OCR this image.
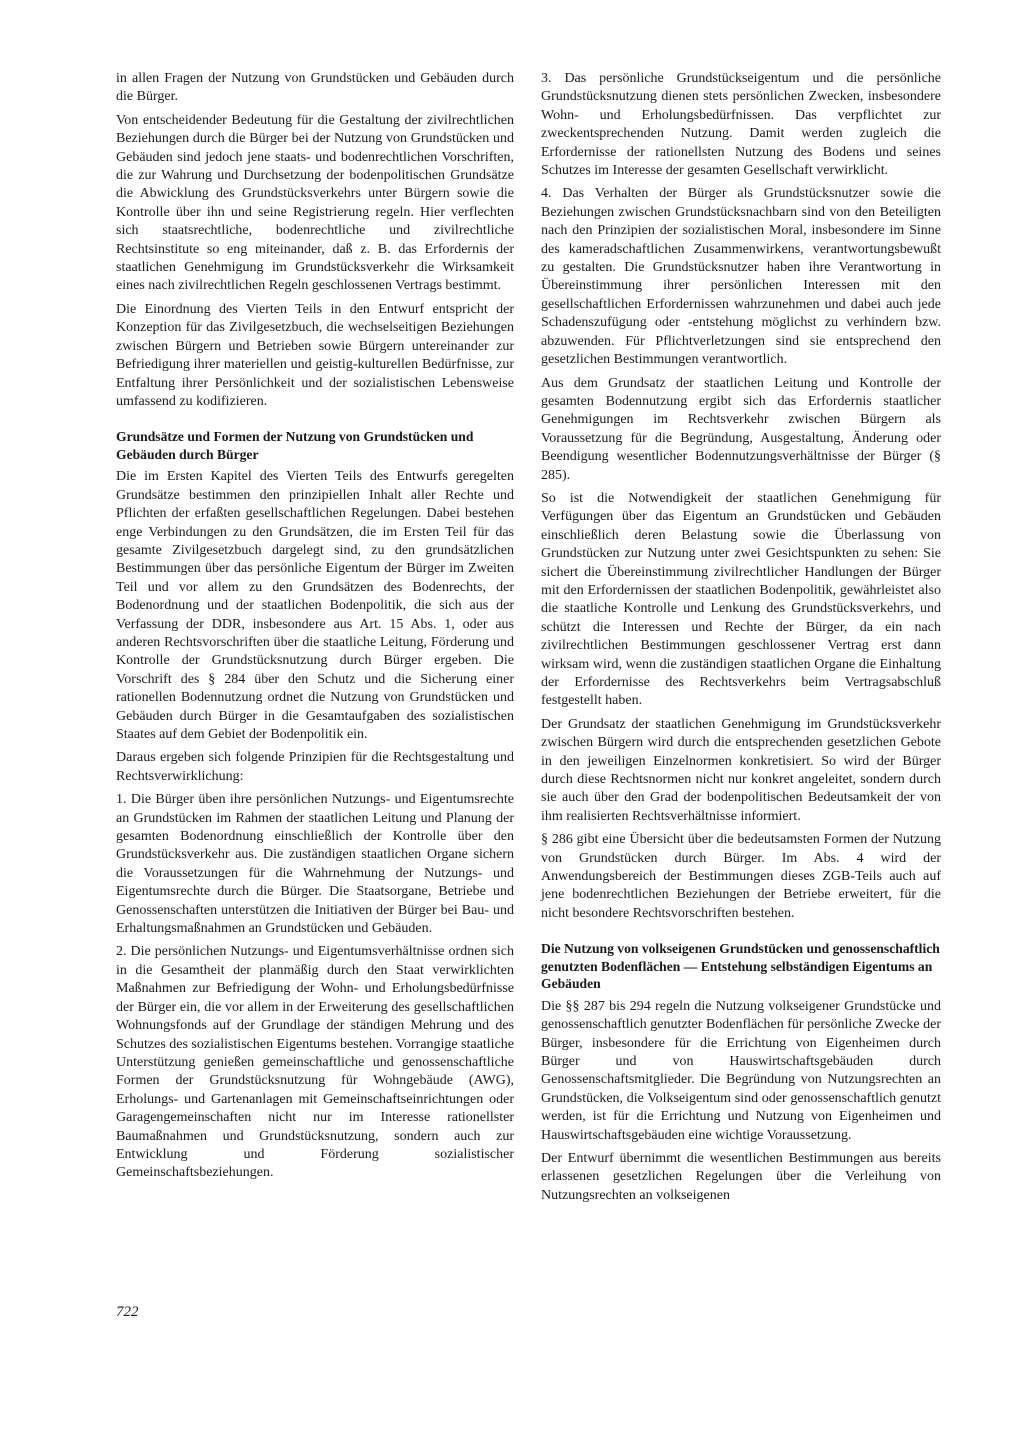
in allen Fragen der Nutzung von Grundstücken und Gebäuden durch die Bürger.

Von entscheidender Bedeutung für die Gestaltung der zivilrechtlichen Beziehungen durch die Bürger bei der Nutzung von Grundstücken und Gebäuden sind jedoch jene staats- und bodenrechtlichen Vorschriften, die zur Wahrung und Durchsetzung der bodenpolitischen Grundsätze die Abwicklung des Grundstücksverkehrs unter Bürgern sowie die Kontrolle über ihn und seine Registrierung regeln. Hier verflechten sich staatsrechtliche, bodenrechtliche und zivilrechtliche Rechtsinstitute so eng miteinander, daß z. B. das Erfordernis der staatlichen Genehmigung im Grundstücksverkehr die Wirksamkeit eines nach zivilrechtlichen Regeln geschlossenen Vertrags bestimmt.

Die Einordnung des Vierten Teils in den Entwurf entspricht der Konzeption für das Zivilgesetzbuch, die wechselseitigen Beziehungen zwischen Bürgern und Betrieben sowie Bürgern untereinander zur Befriedigung ihrer materiellen und geistig-kulturellen Bedürfnisse, zur Entfaltung ihrer Persönlichkeit und der sozialistischen Lebensweise umfassend zu kodifizieren.

Grundsätze und Formen der Nutzung von Grundstücken und Gebäuden durch Bürger

Die im Ersten Kapitel des Vierten Teils des Entwurfs geregelten Grundsätze bestimmen den prinzipiellen Inhalt aller Rechte und Pflichten der erfaßten gesellschaftlichen Regelungen. Dabei bestehen enge Verbindungen zu den Grundsätzen, die im Ersten Teil für das gesamte Zivilgesetzbuch dargelegt sind, zu den grundsätzlichen Bestimmungen über das persönliche Eigentum der Bürger im Zweiten Teil und vor allem zu den Grundsätzen des Bodenrechts, der Bodenordnung und der staatlichen Bodenpolitik, die sich aus der Verfassung der DDR, insbesondere aus Art. 15 Abs. 1, oder aus anderen Rechtsvorschriften über die staatliche Leitung, Förderung und Kontrolle der Grundstücksnutzung durch Bürger ergeben. Die Vorschrift des § 284 über den Schutz und die Sicherung einer rationellen Bodennutzung ordnet die Nutzung von Grundstücken und Gebäuden durch Bürger in die Gesamtaufgaben des sozialistischen Staates auf dem Gebiet der Bodenpolitik ein.

Daraus ergeben sich folgende Prinzipien für die Rechtsgestaltung und Rechtsverwirklichung:

1. Die Bürger üben ihre persönlichen Nutzungs- und Eigentumsrechte an Grundstücken im Rahmen der staatlichen Leitung und Planung der gesamten Bodenordnung einschließlich der Kontrolle über den Grundstücksverkehr aus. Die zuständigen staatlichen Organe sichern die Voraussetzungen für die Wahrnehmung der Nutzungs- und Eigentumsrechte durch die Bürger. Die Staatsorgane, Betriebe und Genossenschaften unterstützen die Initiativen der Bürger bei Bau- und Erhaltungsmaßnahmen an Grundstücken und Gebäuden.

2. Die persönlichen Nutzungs- und Eigentumsverhältnisse ordnen sich in die Gesamtheit der planmäßig durch den Staat verwirklichten Maßnahmen zur Befriedigung der Wohn- und Erholungsbedürfnisse der Bürger ein, die vor allem in der Erweiterung des gesellschaftlichen Wohnungsfonds auf der Grundlage der ständigen Mehrung und des Schutzes des sozialistischen Eigentums bestehen. Vorrangige staatliche Unterstützung genießen gemeinschaftliche und genossenschaftliche Formen der Grundstücksnutzung für Wohngebäude (AWG), Erholungs- und Gartenanlagen mit Gemeinschaftseinrichtungen oder Garagengemeinschaften nicht nur im Interesse rationellster Baumaßnahmen und Grundstücksnutzung, sondern auch zur Entwicklung und Förderung sozialistischer Gemeinschaftsbeziehungen.

3. Das persönliche Grundstückseigentum und die persönliche Grundstücksnutzung dienen stets persönlichen Zwecken, insbesondere Wohn- und Erholungsbedürfnissen. Das verpflichtet zur zweckentsprechenden Nutzung. Damit werden zugleich die Erfordernisse der rationellsten Nutzung des Bodens und seines Schutzes im Interesse der gesamten Gesellschaft verwirklicht.

4. Das Verhalten der Bürger als Grundstücksnutzer sowie die Beziehungen zwischen Grundstücksnachbarn sind von den Beteiligten nach den Prinzipien der sozialistischen Moral, insbesondere im Sinne des kameradschaftlichen Zusammenwirkens, verantwortungsbewußt zu gestalten. Die Grundstücksnutzer haben ihre Verantwortung in Übereinstimmung ihrer persönlichen Interessen mit den gesellschaftlichen Erfordernissen wahrzunehmen und dabei auch jede Schadenszufügung oder -entstehung möglichst zu verhindern bzw. abzuwenden. Für Pflichtverletzungen sind sie entsprechend den gesetzlichen Bestimmungen verantwortlich.

Aus dem Grundsatz der staatlichen Leitung und Kontrolle der gesamten Bodennutzung ergibt sich das Erfordernis staatlicher Genehmigungen im Rechtsverkehr zwischen Bürgern als Voraussetzung für die Begründung, Ausgestaltung, Änderung oder Beendigung wesentlicher Bodennutzungsverhältnisse der Bürger (§ 285).

So ist die Notwendigkeit der staatlichen Genehmigung für Verfügungen über das Eigentum an Grundstücken und Gebäuden einschließlich deren Belastung sowie die Überlassung von Grundstücken zur Nutzung unter zwei Gesichtspunkten zu sehen: Sie sichert die Übereinstimmung zivilrechtlicher Handlungen der Bürger mit den Erfordernissen der staatlichen Bodenpolitik, gewährleistet also die staatliche Kontrolle und Lenkung des Grundstücksverkehrs, und schützt die Interessen und Rechte der Bürger, da ein nach zivilrechtlichen Bestimmungen geschlossener Vertrag erst dann wirksam wird, wenn die zuständigen staatlichen Organe die Einhaltung der Erfordernisse des Rechtsverkehrs beim Vertragsabschluß festgestellt haben.

Der Grundsatz der staatlichen Genehmigung im Grundstücksverkehr zwischen Bürgern wird durch die entsprechenden gesetzlichen Gebote in den jeweiligen Einzelnormen konkretisiert. So wird der Bürger durch diese Rechtsnormen nicht nur konkret angeleitet, sondern durch sie auch über den Grad der bodenpolitischen Bedeutsamkeit der von ihm realisierten Rechtsverhältnisse informiert.

§ 286 gibt eine Übersicht über die bedeutsamsten Formen der Nutzung von Grundstücken durch Bürger. Im Abs. 4 wird der Anwendungsbereich der Bestimmungen dieses ZGB-Teils auch auf jene bodenrechtlichen Beziehungen der Betriebe erweitert, für die nicht besondere Rechtsvorschriften bestehen.

Die Nutzung von volkseigenen Grundstücken und genossenschaftlich genutzten Bodenflächen — Entstehung selbständigen Eigentums an Gebäuden

Die §§ 287 bis 294 regeln die Nutzung volkseigener Grundstücke und genossenschaftlich genutzter Bodenflächen für persönliche Zwecke der Bürger, insbesondere für die Errichtung von Eigenheimen durch Bürger und von Hauswirtschaftsgebäuden durch Genossenschaftsmitglieder. Die Begründung von Nutzungsrechten an Grundstücken, die Volkseigentum sind oder genossenschaftlich genutzt werden, ist für die Errichtung und Nutzung von Eigenheimen und Hauswirtschaftsgebäuden eine wichtige Voraussetzung.

Der Entwurf übernimmt die wesentlichen Bestimmungen aus bereits erlassenen gesetzlichen Regelungen über die Verleihung von Nutzungsrechten an volkseigenen

722
